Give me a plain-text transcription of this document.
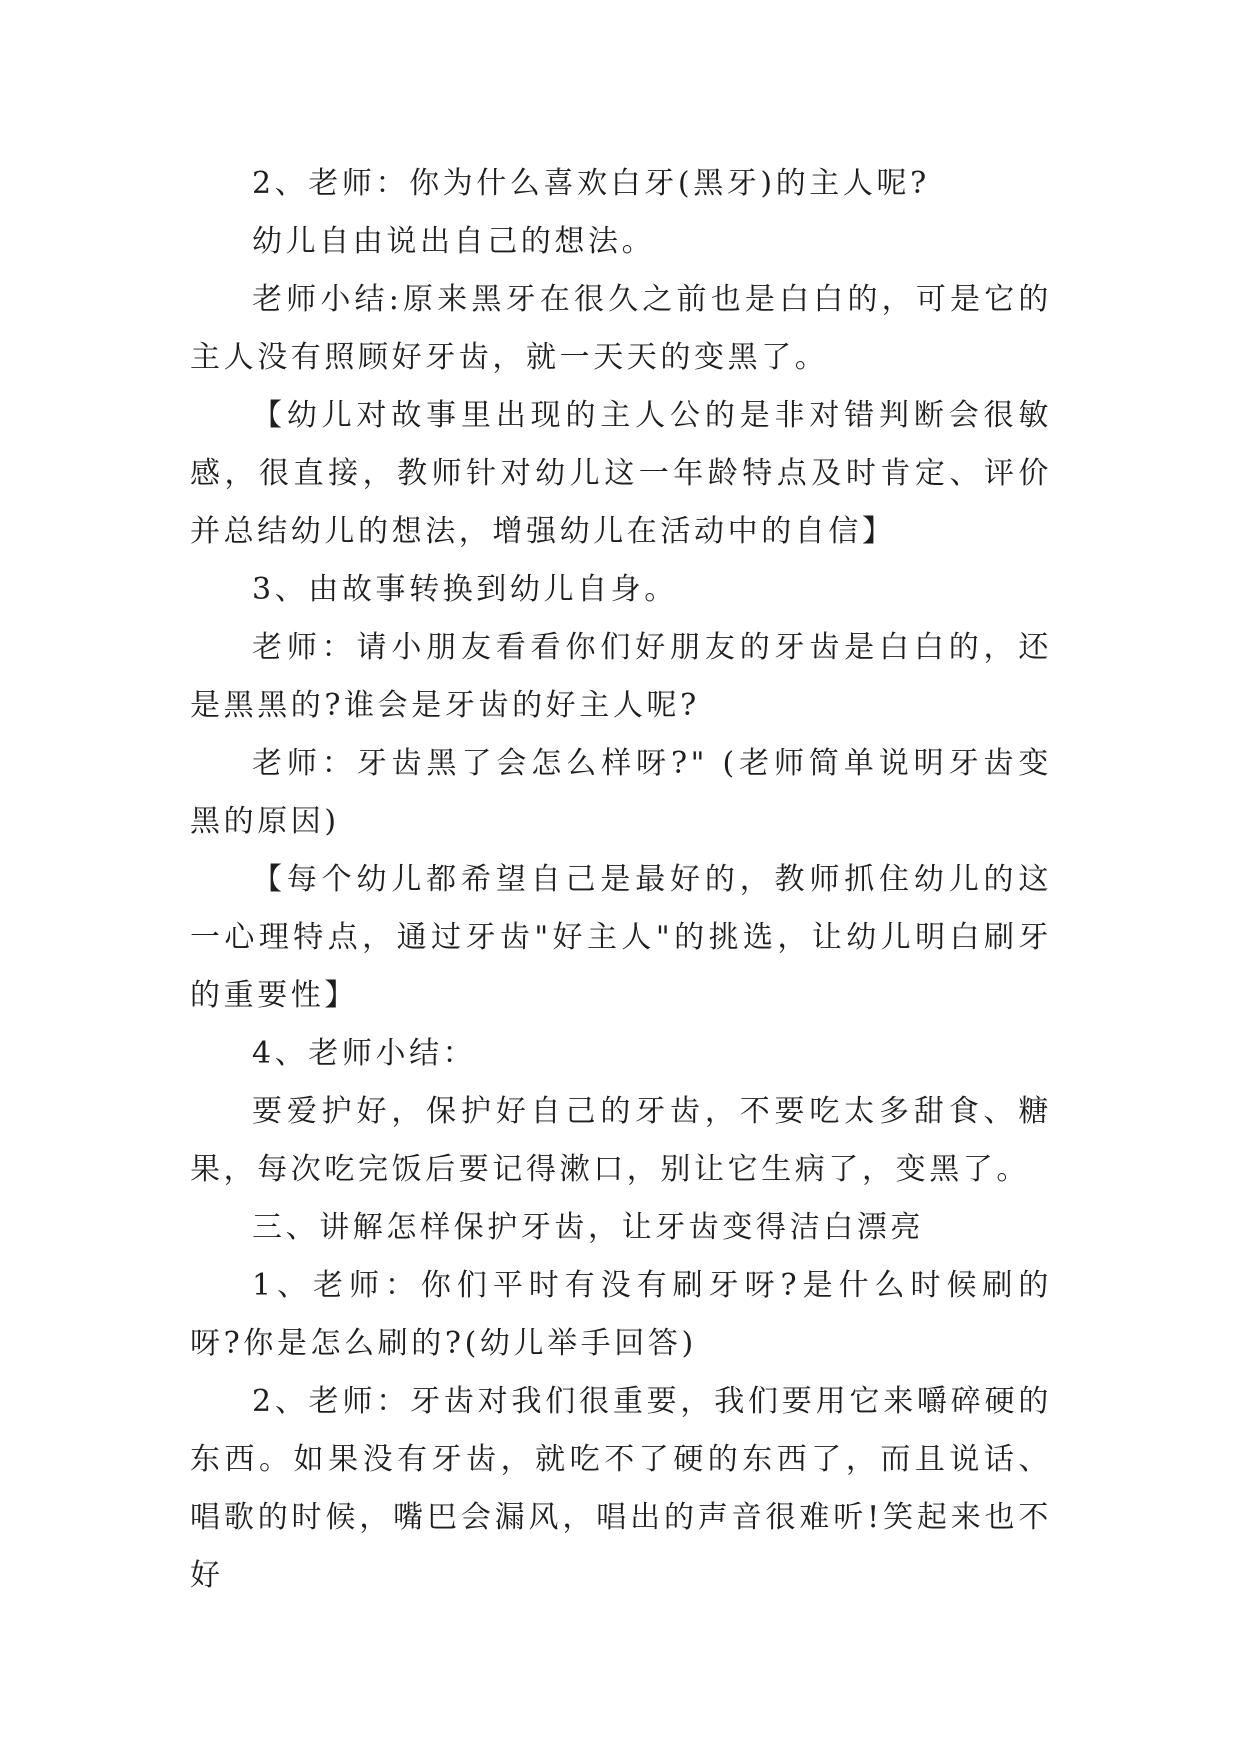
2、老师：你为什么喜欢白牙(黑牙)的主人呢?

幼儿自由说出自己的想法。

老师小结:原来黑牙在很久之前也是白白的，可是它的主人没有照顾好牙齿，就一天天的变黑了。

【幼儿对故事里出现的主人公的是非对错判断会很敏感，很直接，教师针对幼儿这一年龄特点及时肯定、评价并总结幼儿的想法，增强幼儿在活动中的自信】

3、由故事转换到幼儿自身。

老师：请小朋友看看你们好朋友的牙齿是白白的，还是黑黑的?谁会是牙齿的好主人呢?

老师：牙齿黑了会怎么样呀?" (老师简单说明牙齿变黑的原因)

【每个幼儿都希望自己是最好的，教师抓住幼儿的这一心理特点，通过牙齿"好主人"的挑选，让幼儿明白刷牙的重要性】

4、老师小结：

要爱护好，保护好自己的牙齿，不要吃太多甜食、糖果，每次吃完饭后要记得漱口，别让它生病了，变黑了。

三、讲解怎样保护牙齿，让牙齿变得洁白漂亮

1、老师：你们平时有没有刷牙呀?是什么时候刷的呀?你是怎么刷的?(幼儿举手回答)

2、老师：牙齿对我们很重要，我们要用它来嚼碎硬的东西。如果没有牙齿，就吃不了硬的东西了，而且说话、唱歌的时候，嘴巴会漏风，唱出的声音很难听!笑起来也不好
